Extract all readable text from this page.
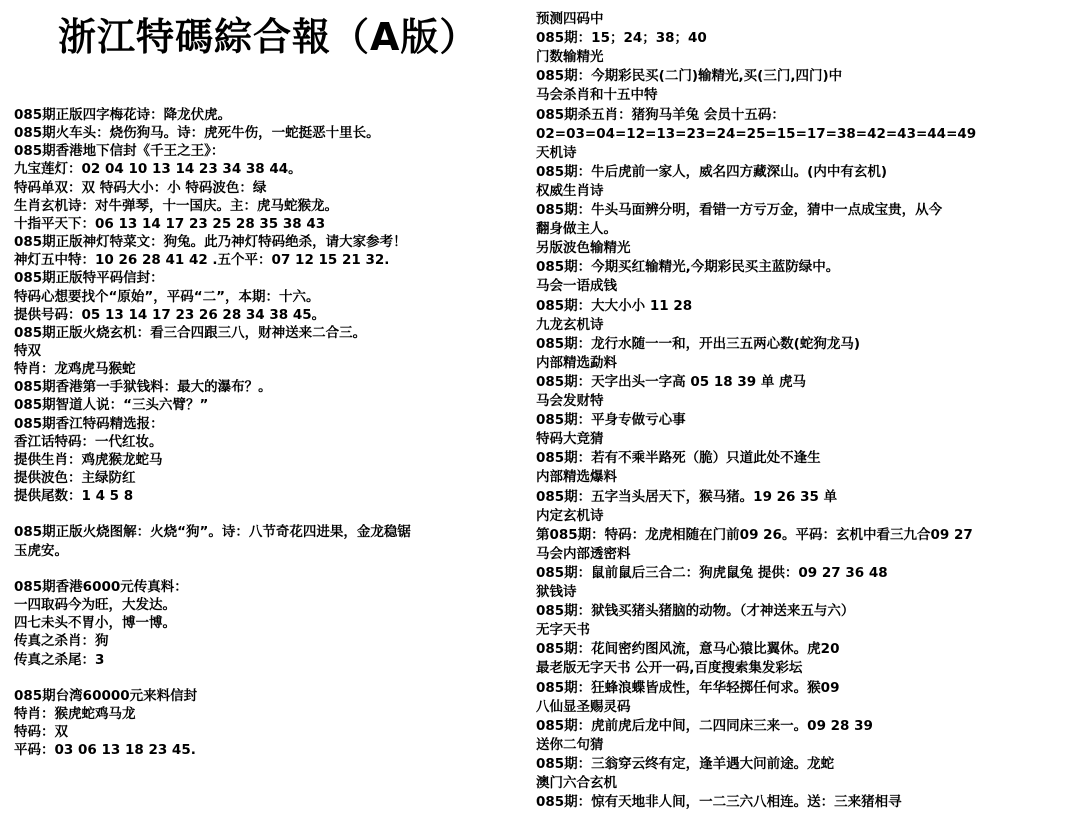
浙江特碼綜合報（A版）
085期正版四字梅花诗：降龙伏虎。
085期火车头：烧伤狗马。诗：虎死牛伤，一蛇挺恶十里长。
085期香港地下信封《千王之王》：
九宝莲灯：02 04 10 13 14 23 34 38 44。
特码单双：双 特码大小：小 特码波色：绿
生肖玄机诗：对牛弹琴，十一国庆。主：虎马蛇猴龙。
十指平天下：06 13 14 17 23 25 28 35 38 43
085期正版神灯特菜文：狗兔。此乃神灯特码绝杀，请大家参考！
神灯五中特：10 26 28 41 42 .五个平：07 12 15 21 32.
085期正版特平码信封：
特码心想要找个“原始”，平码“二”，本期：十六。
提供号码：05 13 14 17 23 26 28 34 38 45。
085期正版火烧玄机：看三合四跟三八，财神送来二合三。
特双
特肖：龙鸡虎马猴蛇
085期香港第一手狱钱料：最大的瀑布？。
085期智道人说：“三头六臂？”
085期香江特码精选报：
香江话特码：一代红妆。
提供生肖：鸡虎猴龙蛇马
提供波色：主绿防红
提供尾数：1 4 5 8
085期正版火烧图解：火烧“狗”。诗：八节奇花四进果，金龙稳锯
玉虎安。
085期香港6000元传真料：
一四取码今为旺，大发达。
四七未头不胃小，博一博。
传真之杀肖：狗
传真之杀尾：3
085期台湾60000元来料信封
特肖：猴虎蛇鸡马龙
特码：双
平码：03 06 13 18 23 45.
预测四码中
085期：15；24；38；40
门数输精光
085期：今期彩民买(二门)输精光,买(三门,四门)中
马会杀肖和十五中特
085期杀五肖：猪狗马羊兔 会员十五码：
02=03=04=12=13=23=24=25=15=17=38=42=43=44=49
天机诗
085期：牛后虎前一家人，威名四方藏深山。(内中有玄机)
权威生肖诗
085期：牛头马面辨分明，看错一方亏万金，猜中一点成宝贵，从今
翻身做主人。
另版波色输精光
085期：今期买红输精光,今期彩民买主蓝防绿中。
马会一语成钱
085期：大大小小 11 28
九龙玄机诗
085期：龙行水随一一和，开出三五两心数(蛇狗龙马)
内部精选勐料
085期：天字出头一字高 05 18 39 单 虎马
马会发财特
085期：平身专做亏心事
特码大竞猜
085期：若有不乘半路死（脆）只道此处不逢生
内部精选爆料
085期：五字当头居天下，猴马猪。19 26 35 单
内定玄机诗
第085期：特码：龙虎相随在门前09 26。平码：玄机中看三九合09 27
马会内部透密料
085期：鼠前鼠后三合二：狗虎鼠兔 提供：09 27 36 48
狱钱诗
085期：狱钱买猪头猪脑的动物。（才神送来五与六）
无字天书
085期：花间密约图风流，意马心猿比翼休。虎20
最老版无字天书 公开一码,百度搜索集发彩坛
085期：狂蜂浪蝶皆成性，年华轻掷任何求。猴09
八仙显圣赐灵码
085期：虎前虎后龙中间，二四同床三来一。09 28 39
送你二句猜
085期：三翁穿云终有定，逢羊遇大问前途。龙蛇
澳门六合玄机
085期：惊有天地非人间，一二三六八相连。送：三来猪相寻
